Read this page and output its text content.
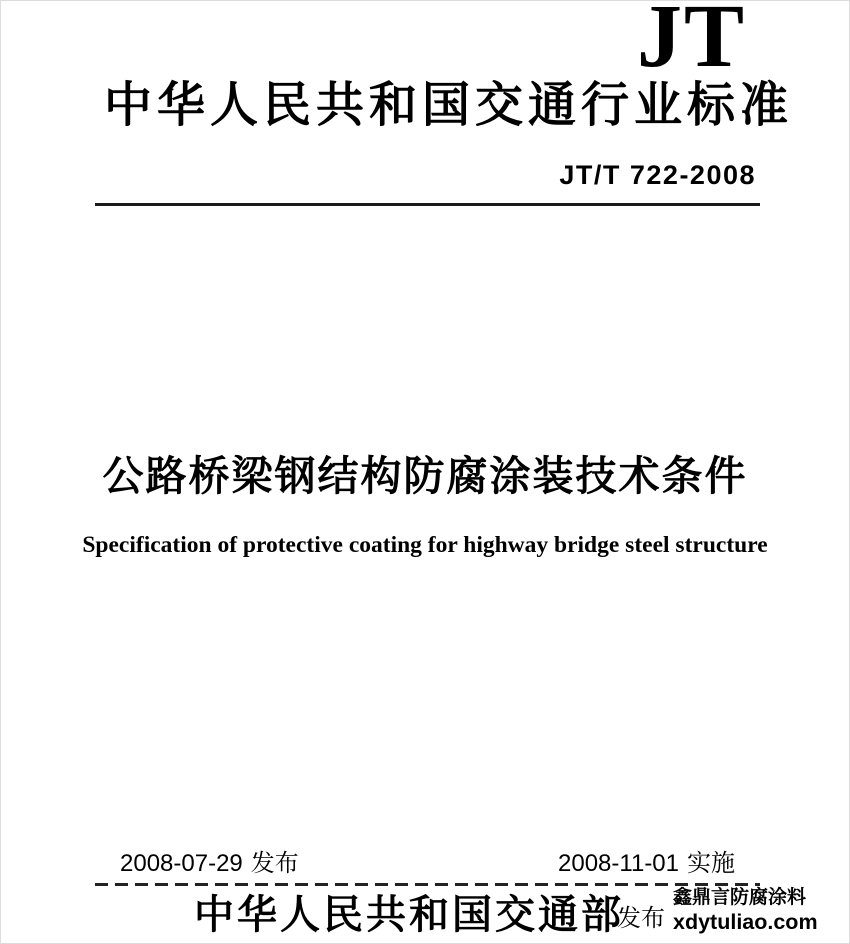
JT
中华人民共和国交通行业标准
JT/T 722-2008
公路桥梁钢结构防腐涂装技术条件
Specification of protective coating for highway bridge steel structure
2008-07-29 发布	2008-11-01 实施
中华人民共和国交通部
发布
鑫鼎言防腐涂料
xdytuliao.com
